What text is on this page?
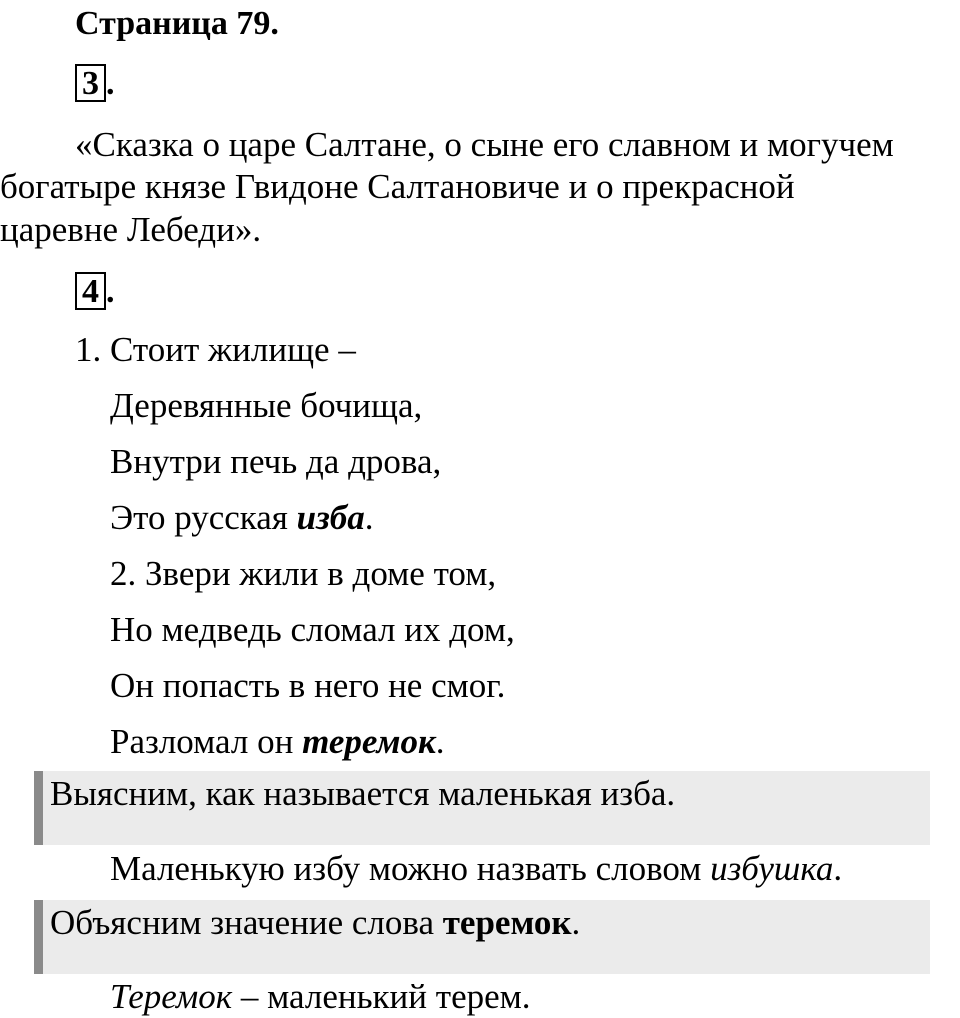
Страница 79.
3 .
«Сказка о царе Салтане, о сыне его славном и могучем
богатыре князе Гвидоне Салтановиче и о прекрасной
царевне Лебеди».
4 .
1. Стоит жилище –
Деревянные бочища,
Внутри печь да дрова,
Это русская изба.
2. Звери жили в доме том,
Но медведь сломал их дом,
Он попасть в него не смог.
Разломал он теремок.
Выясним, как называется маленькая изба.
Маленькую избу можно назвать словом избушка.
Объясним значение слова теремок.
Теремок – маленький терем.
